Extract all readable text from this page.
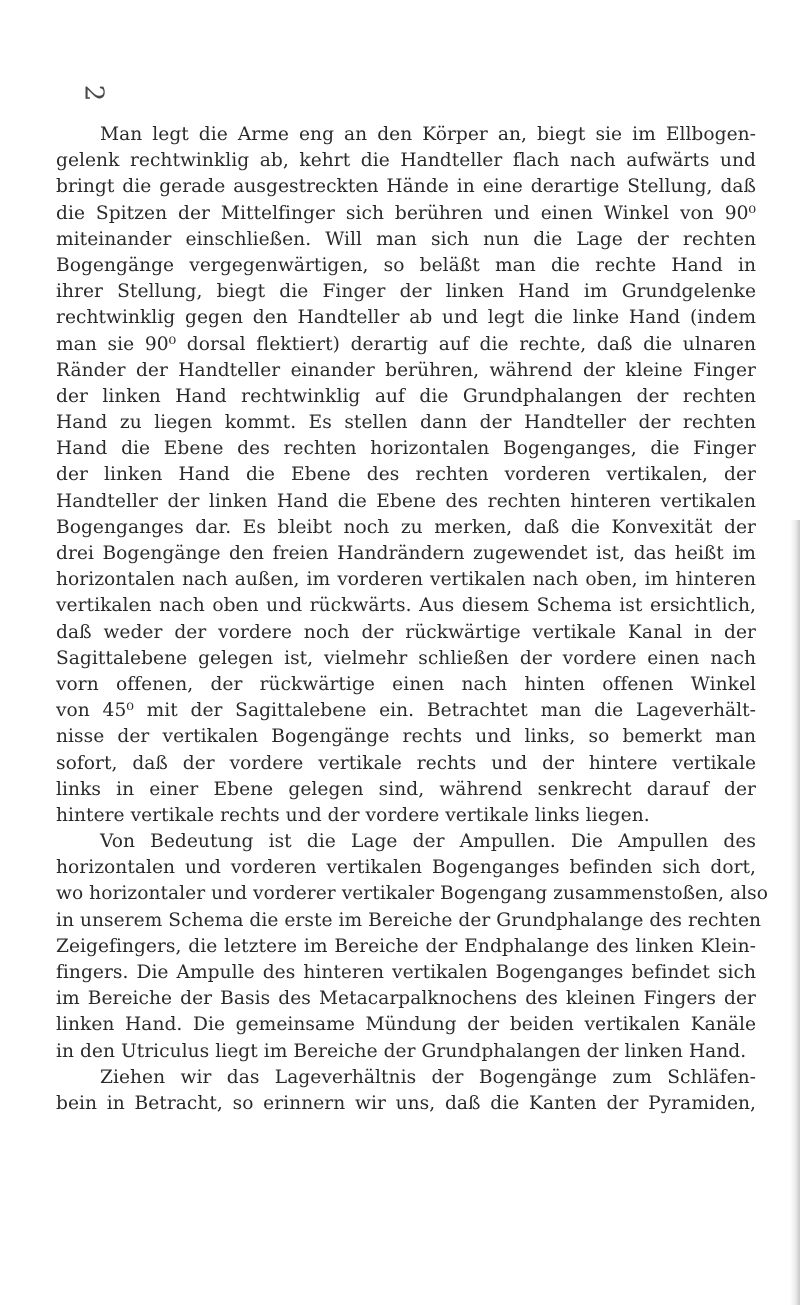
2
Man legt die Arme eng an den Körper an, biegt sie im Ellbogen-
gelenk rechtwinklig ab, kehrt die Handteller flach nach aufwärts und
bringt die gerade ausgestreckten Hände in eine derartige Stellung, daß
die Spitzen der Mittelfinger sich berühren und einen Winkel von 90⁰
miteinander einschließen. Will man sich nun die Lage der rechten
Bogengänge vergegenwärtigen, so beläßt man die rechte Hand in
ihrer Stellung, biegt die Finger der linken Hand im Grundgelenke
rechtwinklig gegen den Handteller ab und legt die linke Hand (indem
man sie 90⁰ dorsal flektiert) derartig auf die rechte, daß die ulnaren
Ränder der Handteller einander berühren, während der kleine Finger
der linken Hand rechtwinklig auf die Grundphalangen der rechten
Hand zu liegen kommt. Es stellen dann der Handteller der rechten
Hand die Ebene des rechten horizontalen Bogenganges, die Finger
der linken Hand die Ebene des rechten vorderen vertikalen, der
Handteller der linken Hand die Ebene des rechten hinteren vertikalen
Bogenganges dar. Es bleibt noch zu merken, daß die Konvexität der
drei Bogengänge den freien Handrändern zugewendet ist, das heißt im
horizontalen nach außen, im vorderen vertikalen nach oben, im hinteren
vertikalen nach oben und rückwärts. Aus diesem Schema ist ersichtlich,
daß weder der vordere noch der rückwärtige vertikale Kanal in der
Sagittalebene gelegen ist, vielmehr schließen der vordere einen nach
vorn offenen, der rückwärtige einen nach hinten offenen Winkel
von 45⁰ mit der Sagittalebene ein. Betrachtet man die Lageverhält-
nisse der vertikalen Bogengänge rechts und links, so bemerkt man
sofort, daß der vordere vertikale rechts und der hintere vertikale
links in einer Ebene gelegen sind, während senkrecht darauf der
hintere vertikale rechts und der vordere vertikale links liegen.
Von Bedeutung ist die Lage der Ampullen. Die Ampullen des
horizontalen und vorderen vertikalen Bogenganges befinden sich dort,
wo horizontaler und vorderer vertikaler Bogengang zusammenstoßen, also
in unserem Schema die erste im Bereiche der Grundphalange des rechten
Zeigefingers, die letztere im Bereiche der Endphalange des linken Klein-
fingers. Die Ampulle des hinteren vertikalen Bogenganges befindet sich
im Bereiche der Basis des Metacarpalknochens des kleinen Fingers der
linken Hand. Die gemeinsame Mündung der beiden vertikalen Kanäle
in den Utriculus liegt im Bereiche der Grundphalangen der linken Hand.
Ziehen wir das Lageverhältnis der Bogengänge zum Schläfen-
bein in Betracht, so erinnern wir uns, daß die Kanten der Pyramiden,
